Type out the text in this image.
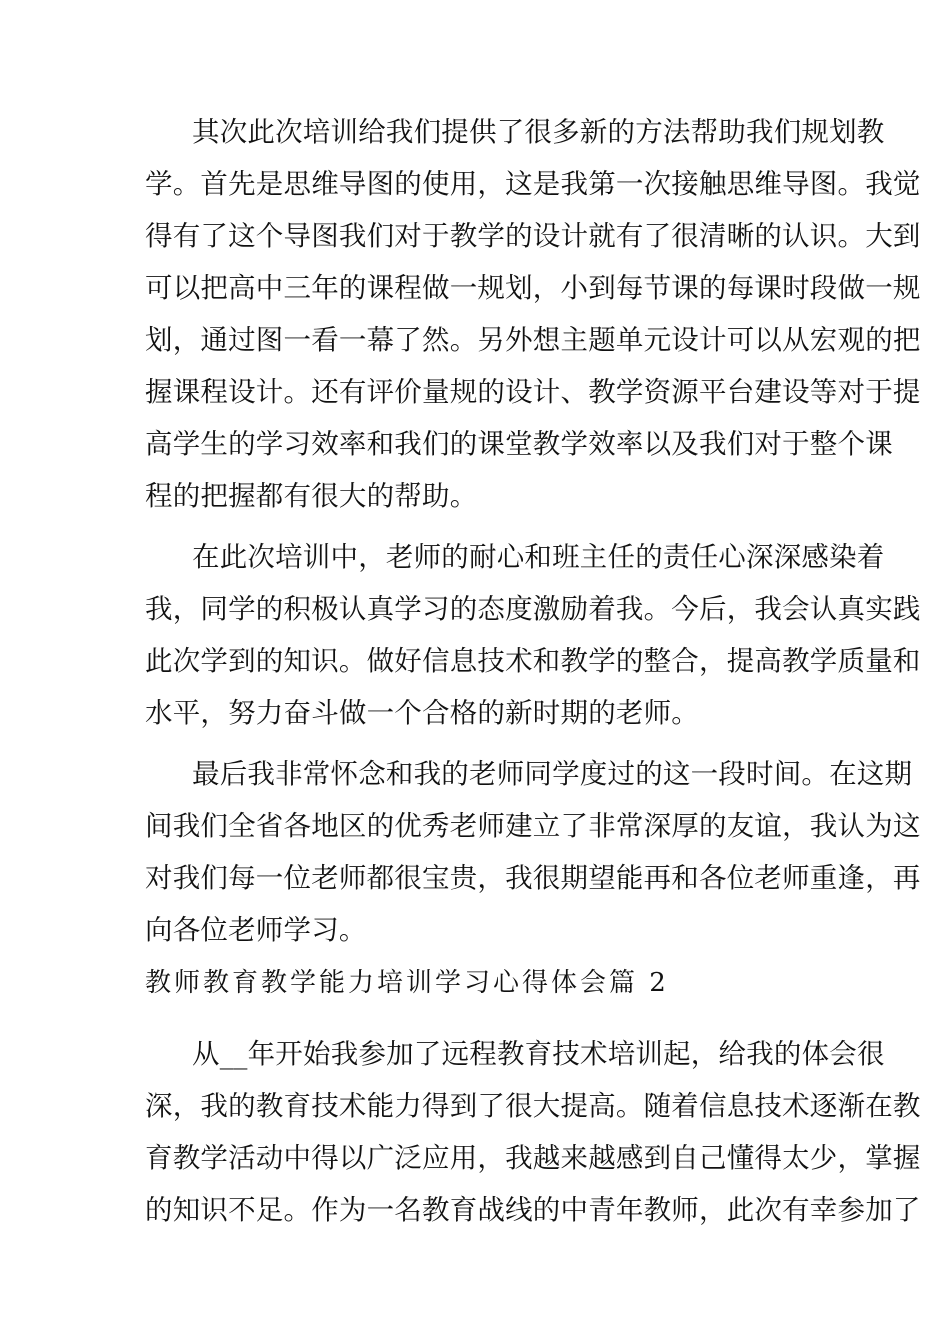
其次此次培训给我们提供了很多新的方法帮助我们规划教
学。首先是思维导图的使用，这是我第一次接触思维导图。我觉
得有了这个导图我们对于教学的设计就有了很清晰的认识。大到
可以把高中三年的课程做一规划，小到每节课的每课时段做一规
划，通过图一看一幕了然。另外想主题单元设计可以从宏观的把
握课程设计。还有评价量规的设计、教学资源平台建设等对于提
高学生的学习效率和我们的课堂教学效率以及我们对于整个课
程的把握都有很大的帮助。
在此次培训中，老师的耐心和班主任的责任心深深感染着
我，同学的积极认真学习的态度激励着我。今后，我会认真实践
此次学到的知识。做好信息技术和教学的整合，提高教学质量和
水平，努力奋斗做一个合格的新时期的老师。
最后我非常怀念和我的老师同学度过的这一段时间。在这期
间我们全省各地区的优秀老师建立了非常深厚的友谊，我认为这
对我们每一位老师都很宝贵，我很期望能再和各位老师重逢，再
向各位老师学习。
教师教育教学能力培训学习心得体会篇 2
从__年开始我参加了远程教育技术培训起，给我的体会很
深，我的教育技术能力得到了很大提高。随着信息技术逐渐在教
育教学活动中得以广泛应用，我越来越感到自己懂得太少，掌握
的知识不足。作为一名教育战线的中青年教师，此次有幸参加了
